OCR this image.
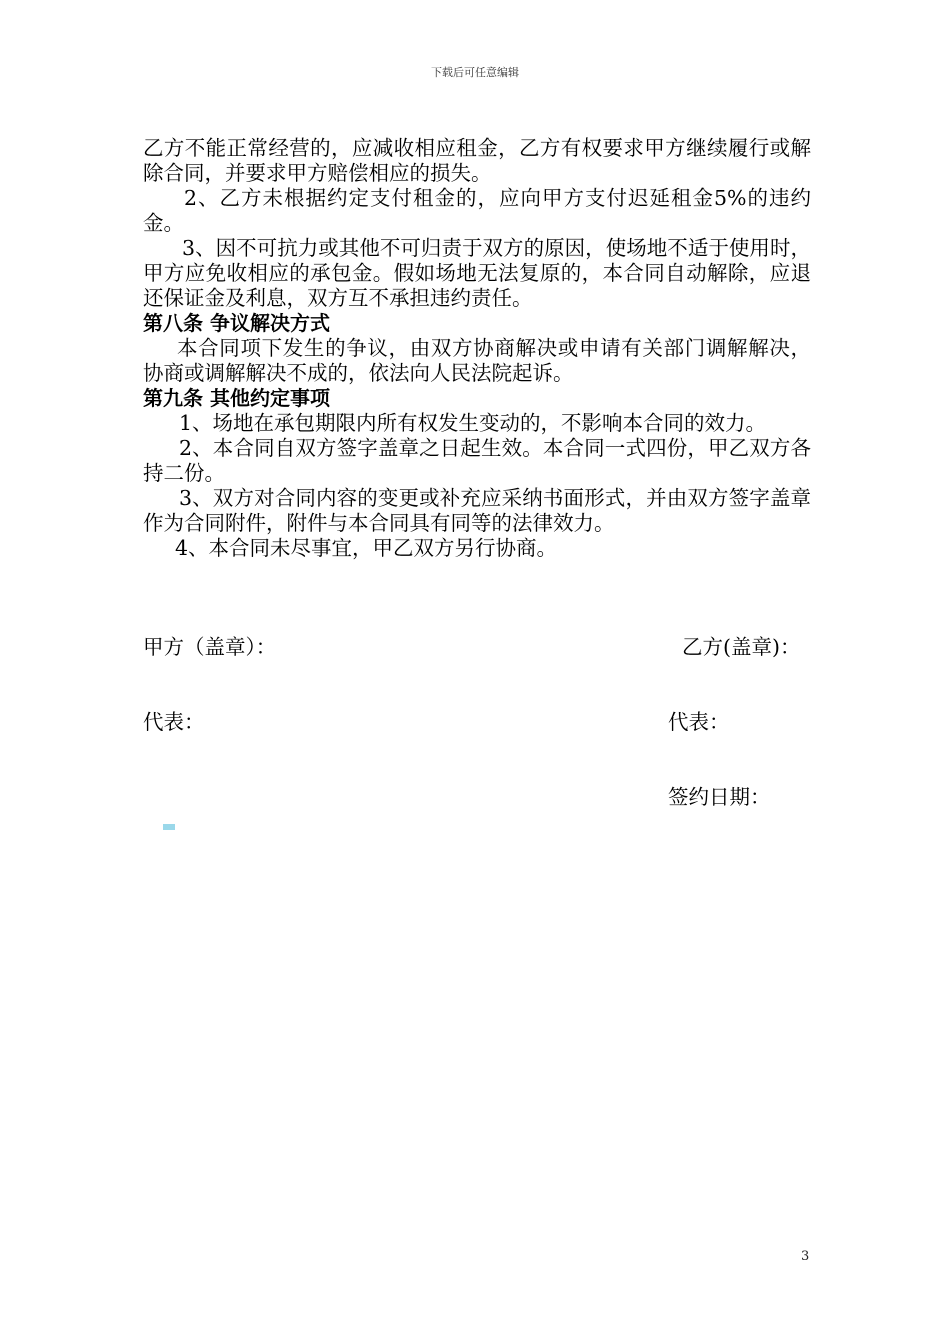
下载后可任意编辑

乙方不能正常经营的，应减收相应租金，乙方有权要求甲方继续履行或解除合同，并要求甲方赔偿相应的损失。

2、乙方未根据约定支付租金的，应向甲方支付迟延租金5%的违约金。

3、因不可抗力或其他不可归责于双方的原因，使场地不适于使用时，甲方应免收相应的承包金。假如场地无法复原的，本合同自动解除，应退还保证金及利息，双方互不承担违约责任。

第八条 争议解决方式

本合同项下发生的争议，由双方协商解决或申请有关部门调解解决，协商或调解解决不成的，依法向人民法院起诉。

第九条 其他约定事项

1、场地在承包期限内所有权发生变动的，不影响本合同的效力。

2、本合同自双方签字盖章之日起生效。本合同一式四份，甲乙双方各持二份。

3、双方对合同内容的变更或补充应采纳书面形式，并由双方签字盖章作为合同附件，附件与本合同具有同等的法律效力。

4、本合同未尽事宜，甲乙双方另行协商。

甲方（盖章）：	乙方(盖章)：
代表：	代表：
签约日期：
3
